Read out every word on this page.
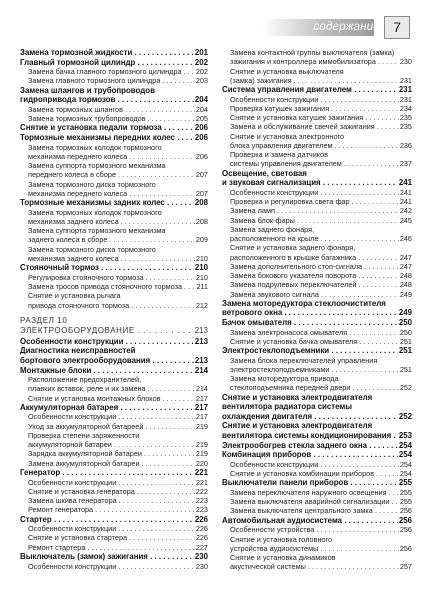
содержание 7
Замена тормозной жидкости . . .	201
Главный тормозной цилиндр . . .	202
Замена бачка главного тормозного цилиндра . . . 202
Замена главного тормозного цилиндра . . .	203
Замена шлангов и трубопроводов
гидропривода тормозов . . .	204
Замена тормозных шлангов . . .	204
Замена тормозных трубопроводов . . .	205
Снятие и установка педали тормоза . . .	206
Тормозные механизмы передних колес . . .	206
Замена тормозных колодок тормозного
механизма переднего колеса . . .	206
Замена суппорта тормозного механизма
переднего колеса в сборе . . .	207
Замена тормозного диска тормозного
механизма переднего колеса . . .	207
Тормозные механизмы задних колес . . .	208
Замена тормозных колодок тормозного
механизма заднего колеса . . .	208
Замена суппорта тормозного механизма
заднего колеса в сборе . . .	209
Замена тормозного диска тормозного
механизма заднего колеса . . .	210
Стояночный тормоз . . .	210
Регулировка стояночного тормоза . . .	210
Замена тросов привода стояночного тормоза . . . 211
Снятие и установка рычага
привода стояночного тормоза . . .	212
РАЗДЕЛ 10
ЭЛЕКТРООБОРУДОВАНИЕ . . .	213
Особенности конструкции . . .	213
Диагностика неисправностей
бортового электрооборудования . . .	213
Монтажные блоки . . .	214
Расположение предохранителей,
плавких вставок, реле и их замена . . .	214
Снятие и установка монтажных блоков . . .	217
Аккумуляторная батарея . . .	217
Особенности конструкции . . .	217
Уход за аккумуляторной батареей . . .	219
Проверка степени заряженности
аккумуляторной батареи . . .	219
Зарядка аккумуляторной батареи . . .	219
Замена аккумуляторной батареи . . .	220
Генератор . . .	221
Особенности конструкции . . .	221
Снятие и установка генератора . . .	222
Замена шкива генератора . . .	223
Ремонт генератора . . .	223
Стартер . . .	226
Особенности конструкции . . .	226
Снятие и установка стартера . . .	226
Ремонт стартера . . .	227
Выключатель (замок) зажигания . . .	230
Особенности конструкции . . .	230
Замена контактной группы выключателя (замка)
зажигания и контроллера иммобилизатора . . .	230
Снятие и установка выключателя
(замка) зажигания . . .	231
Система управления двигателем . . .	231
Особенности конструкции . . .	231
Проверка катушек зажигания . . .	234
Снятие и установка катушек зажигания . . .	235
Замена и обслуживание свечей зажигания . . .	235
Снятие и установка электронного
блока управления двигателем . . .	236
Проверка и замена датчиков
системы управления двигателем . . .	237
Освещение, световая
и звуковая сигнализация . . .	241
Особенности конструкции . . .	241
Проверка и регулировка света фар . . .	241
Замена ламп . . .	242
Замена блок-фары . . .	245
Замена заднего фонаря,
расположенного на крыле . . .	246
Снятие и установка заднего фонаря,
расположенного в крышке багажника . . .	247
Замена дополнительного стоп-сигнала . . .	247
Замена бокового указателя поворота . . .	248
Замена подрулевых переключателей . . .	248
Замена звукового сигнала . . .	249
Замена моторедуктора стеклоочистителя
ветрового окна . . .	249
Бачок омывателя . . .	250
Замена электронасоса омывателя . . .	250
Снятие и установка бачка омывателя . . .	251
Электростеклоподъемники . . .	251
Замена блока переключателей управления
электростеклоподъемниками . . .	251
Замена моторедуктора привода
стеклоподъемника передней двери . . .	252
Снятие и установка электродвигателя
вентилятора радиатора системы
охлаждения двигателя . . .	252
Снятие и установка электродвигателя
вентилятора системы кондиционирования . . . 253
Электрообогрев стекла заднего окна . . .	254
Комбинация приборов . . .	254
Особенности конструкции . . .	254
Снятие и установка комбинации приборов . . .	254
Выключатели панели приборов . . .	255
Замена переключателя наружного освещения . . . 255
Замена выключателя аварийной сигнализации . . . 255
Замена выключателя центрального замка . . .	256
Автомобильная аудиосистема . . .	256
Особенности устройства . . .	256
Снятие и установка головного
устройства аудиосистемы . . .	256
Снятие и установка динамиков
акустической системы . . .	257
